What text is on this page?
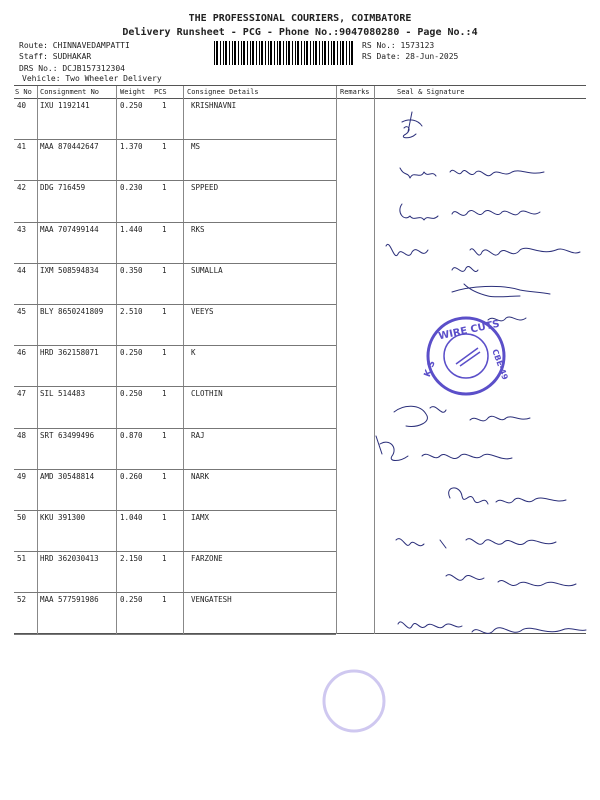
THE PROFESSIONAL COURIERS, COIMBATORE
Delivery Runsheet - PCG - Phone No.:9047080280 - Page No.:4
Route: CHINNAVEDAMPATTI
Staff: SUDHAKAR
DRS No.: DCJB157312304
Vehicle: Two Wheeler Delivery
RS No.: 1573123
RS Date: 28-Jun-2025
S No Consignment No	Weight PCS	Consignee Details	Remarks	Seal & Signature
40 IXU 1192141	0.250	1	KRISHNAVNI
41 MAA 870442647	1.370	1	MS
42 DDG 716459	0.230	1	SPPEED
43 MAA 707499144	1.440	1	RKS
44 IXM 508594834	0.350	1	SUMALLA
45 BLY 8650241809 2.510	1	VEEYS
46 HRD 362158071	0.250	1	K
47 SIL 514483	0.250	1	CLOTHIN
48 SRT 63499496	0.870	1	RAJ
49 AMD 30548814	0.260	1	NARK
50 KKU 391300	1.040	1	IAMX
51 HRD 362030413	2.150	1	FARZONE
52 MAA 577591986	0.250	1	VENGATESH
WIRE CUTS
K S	CBE-49
